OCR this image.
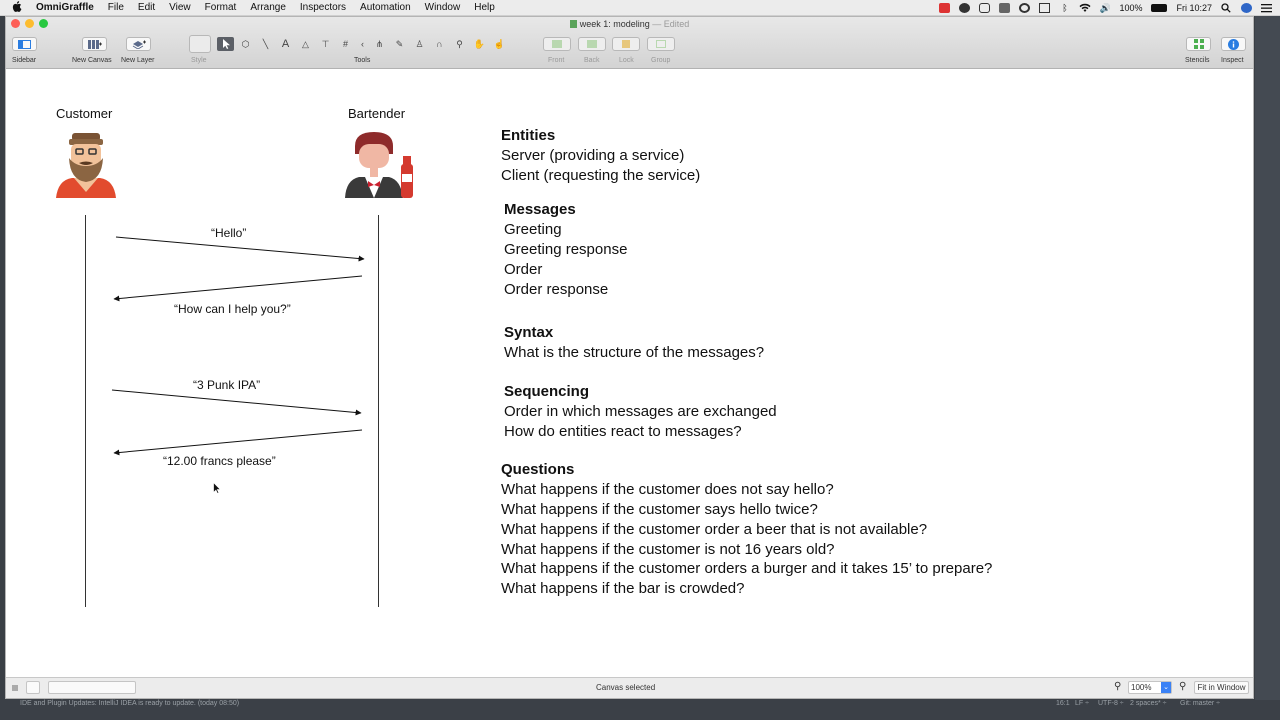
OmniGraffle File Edit View Format Arrange Inspectors Automation Window Help	ᛒ	🔊 100%	Fri 10:27
week 1: modeling — Edited
Sidebar	New Canvas New Layer	Style
⬡ ╲ A △ ⊤ # ‹ ⋔ ✎ ♙ ∩ ⚲ ✋ ☝
Tools	Front	Back	Lock Group	Stencils Inspect
Customer	Bartender
“Hello”
“How can I help you?”
“3 Punk IPA”
“12.00 francs please”
Entities
Server (providing a service)
Client (requesting the service)
Messages
Greeting
Greeting response
Order
Order response
Syntax
What is the structure of the messages?
Sequencing
Order in which messages are exchanged
How do entities react to messages?
Questions
What happens if the customer does not say hello?
What happens if the customer says hello twice?
What happens if the customer order a beer that is not available?
What happens if the customer is not 16 years old?
What happens if the customer orders a burger and it takes 15’ to prepare?
What happens if the bar is crowded?
Canvas selected	⚲	100% ⌄ ⚲	Fit in Window
IDE and Plugin Updates: IntelliJ IDEA is ready to update. (today 08:50)	16:1 LF ÷ UTF-8 ÷ 2 spaces* ÷ Git: master ÷
